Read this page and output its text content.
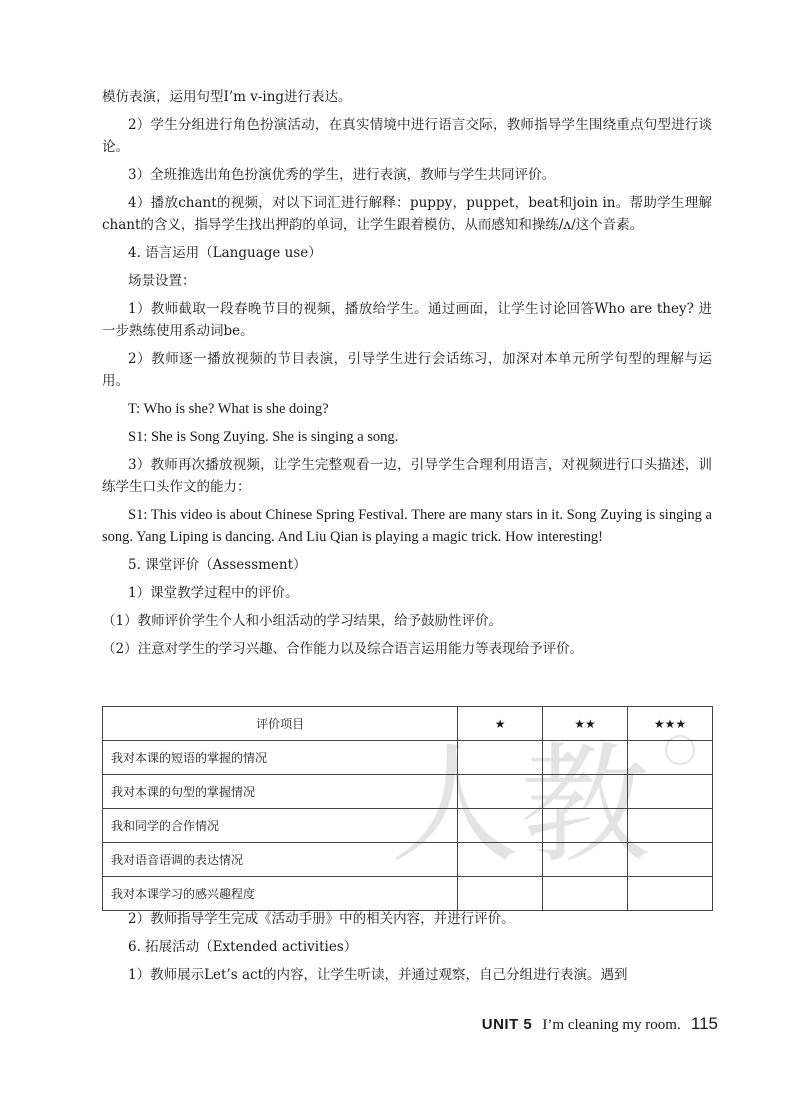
模仿表演，运用句型I’m v-ing进行表达。

2）学生分组进行角色扮演活动，在真实情境中进行语言交际，教师指导学生围绕重点句型进行谈论。

3）全班推选出角色扮演优秀的学生，进行表演，教师与学生共同评价。

4）播放chant的视频，对以下词汇进行解释：puppy，puppet，beat和join in。帮助学生理解chant的含义，指导学生找出押韵的单词，让学生跟着模仿，从而感知和操练/ʌ/这个音素。

4. 语言运用（Language use）

场景设置：

1）教师截取一段春晚节目的视频，播放给学生。通过画面，让学生讨论回答Who are they? 进一步熟练使用系动词be。

2）教师逐一播放视频的节目表演，引导学生进行会话练习，加深对本单元所学句型的理解与运用。

T: Who is she? What is she doing?

S1: She is Song Zuying. She is singing a song.

3）教师再次播放视频，让学生完整观看一边，引导学生合理利用语言，对视频进行口头描述，训练学生口头作文的能力：

S1: This video is about Chinese Spring Festival. There are many stars in it. Song Zuying is singing a song. Yang Liping is dancing. And Liu Qian is playing a magic trick. How interesting!

5. 课堂评价（Assessment）

1）课堂教学过程中的评价。

（1）教师评价学生个人和小组活动的学习结果，给予鼓励性评价。

（2）注意对学生的学习兴趣、合作能力以及综合语言运用能力等表现给予评价。

人教
评价项目	★	★★	★★★
我对本课的短语的掌握的情况			
我对本课的句型的掌握情况			
我和同学的合作情况			
我对语音语调的表达情况			
我对本课学习的感兴趣程度			

2）教师指导学生完成《活动手册》中的相关内容，并进行评价。

6. 拓展活动（Extended activities）

1）教师展示Let’s act的内容，让学生听读，并通过观察，自己分组进行表演。遇到

UNIT 5 I’m cleaning my room. 115
